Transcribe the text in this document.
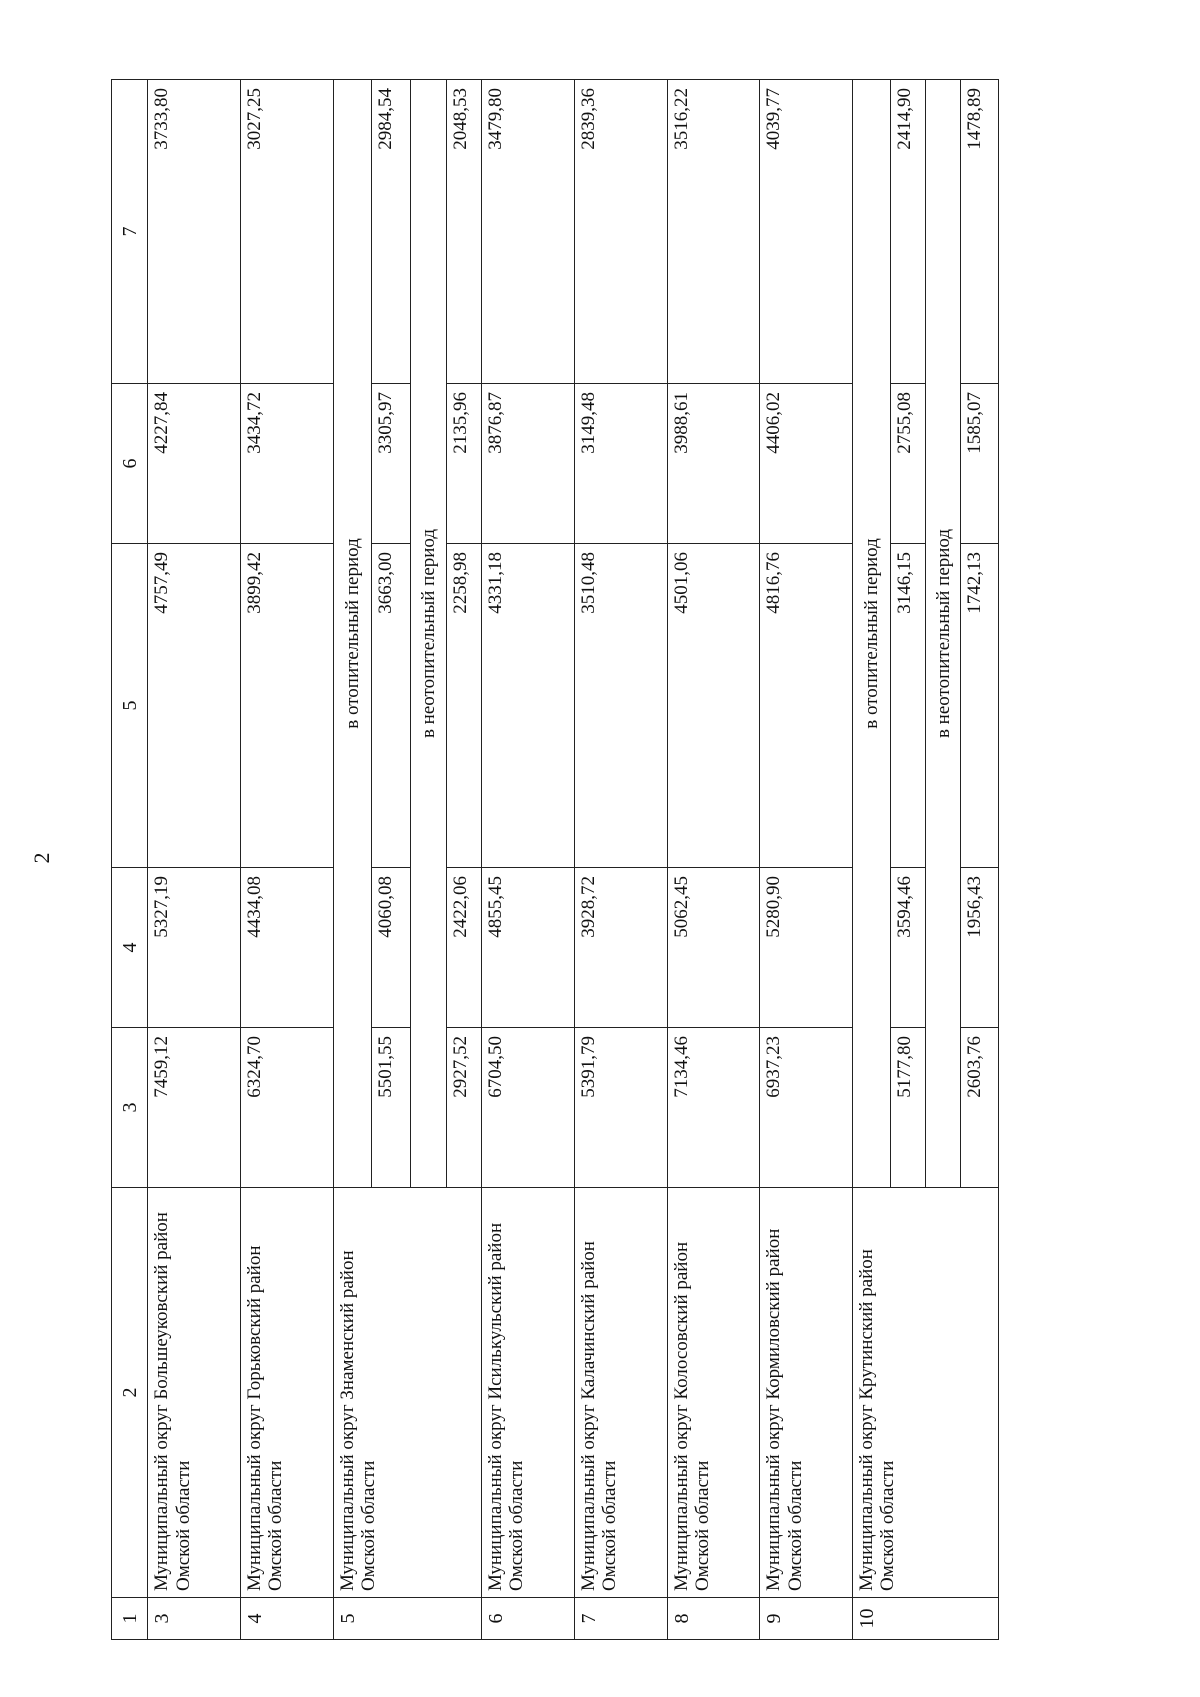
2
1	2	3	4	5	6	7
3	Муниципальный округ Большеуковский район Омской области	7459,12	5327,19	4757,49	4227,84	3733,80
4	Муниципальный округ Горьковский район Омской области	6324,70	4434,08	3899,42	3434,72	3027,25
5	Муниципальный округ Знаменский район Омской области	в отопительный период				
		5501,55	4060,08	3663,00	3305,97	2984,54
		в неотопительный период				
		2927,52	2422,06	2258,98	2135,96	2048,53
6	Муниципальный округ Исилькульский район Омской области	6704,50	4855,45	4331,18	3876,87	3479,80
7	Муниципальный округ Калачинский район Омской области	5391,79	3928,72	3510,48	3149,48	2839,36
8	Муниципальный округ Колосовский район Омской области	7134,46	5062,45	4501,06	3988,61	3516,22
9	Муниципальный округ Кормиловский район Омской области	6937,23	5280,90	4816,76	4406,02	4039,77
10	Муниципальный округ Крутинский район Омской области	в отопительный период				
		5177,80	3594,46	3146,15	2755,08	2414,90
		в неотопительный период				
		2603,76	1956,43	1742,13	1585,07	1478,89
